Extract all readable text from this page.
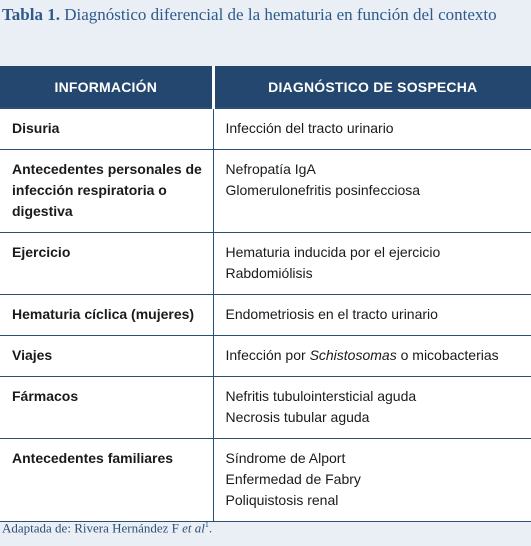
Tabla 1. Diagnóstico diferencial de la hematuria en función del contexto
INFORMACIÓN	DIAGNÓSTICO DE SOSPECHA
Disuria	Infección del tracto urinario

Antecedentes personales de infección respiratoria o digestiva	Nefropatía IgA
Glomerulonefritis posinfecciosa

Ejercicio	Hematuria inducida por el ejercicio
Rabdomiólisis

Hematuria cíclica (mujeres)	Endometriosis en el tracto urinario

Viajes	Infección por Schistosomas o micobacterias

Fármacos	Nefritis tubulointersticial aguda
Necrosis tubular aguda

Antecedentes familiares	Síndrome de Alport
Enfermedad de Fabry
Poliquistosis renal
Adaptada de: Rivera Hernández F et $al^1$.
